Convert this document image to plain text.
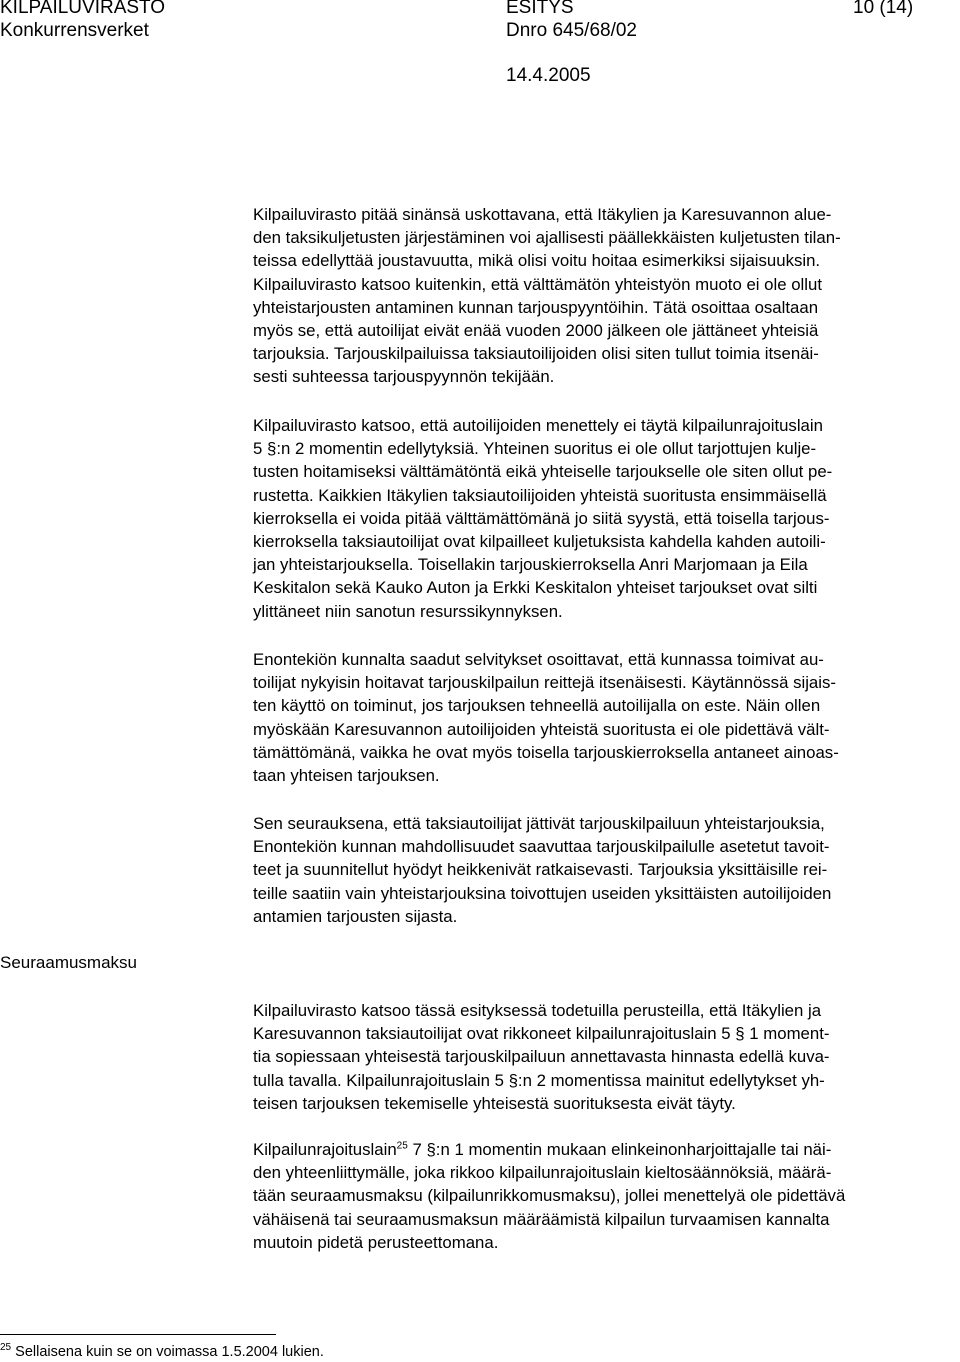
KILPAILUVIRASTO
Konkurrensverket
ESITYS
Dnro 645/68/02
14.4.2005
10 (14)
Kilpailuvirasto pitää sinänsä uskottavana, että Itäkylien ja Karesuvannon alue-
den taksikuljetusten järjestäminen voi ajallisesti päällekkäisten kuljetusten tilan-
teissa edellyttää joustavuutta, mikä olisi voitu hoitaa esimerkiksi sijaisuuksin.
Kilpailuvirasto katsoo kuitenkin, että välttämätön yhteistyön muoto ei ole ollut
yhteistarjousten antaminen kunnan tarjouspyyntöihin. Tätä osoittaa osaltaan
myös se, että autoilijat eivät enää vuoden 2000 jälkeen ole jättäneet yhteisiä
tarjouksia. Tarjouskilpailuissa taksiautoilijoiden olisi siten tullut toimia itsenäi-
sesti suhteessa tarjouspyynnön tekijään.
Kilpailuvirasto katsoo, että autoilijoiden menettely ei täytä kilpailunrajoituslain
5 §:n 2 momentin edellytyksiä. Yhteinen suoritus ei ole ollut tarjottujen kulje-
tusten hoitamiseksi välttämätöntä eikä yhteiselle tarjoukselle ole siten ollut pe-
rustetta. Kaikkien Itäkylien taksiautoilijoiden yhteistä suoritusta ensimmäisellä
kierroksella ei voida pitää välttämättömänä jo siitä syystä, että toisella tarjous-
kierroksella taksiautoilijat ovat kilpailleet kuljetuksista kahdella kahden autoili-
jan yhteistarjouksella. Toisellakin tarjouskierroksella Anri Marjomaan ja Eila
Keskitalon sekä Kauko Auton ja Erkki Keskitalon yhteiset tarjoukset ovat silti
ylittäneet niin sanotun resurssikynnyksen.
Enontekiön kunnalta saadut selvitykset osoittavat, että kunnassa toimivat au-
toilijat nykyisin hoitavat tarjouskilpailun reittejä itsenäisesti. Käytännössä sijais-
ten käyttö on toiminut, jos tarjouksen tehneellä autoilijalla on este. Näin ollen
myöskään Karesuvannon autoilijoiden yhteistä suoritusta ei ole pidettävä vält-
tämättömänä, vaikka he ovat myös toisella tarjouskierroksella antaneet ainoas-
taan yhteisen tarjouksen.
Sen seurauksena, että taksiautoilijat jättivät tarjouskilpailuun yhteistarjouksia,
Enontekiön kunnan mahdollisuudet saavuttaa tarjouskilpailulle asetetut tavoit-
teet ja suunnitellut hyödyt heikkenivät ratkaisevasti. Tarjouksia yksittäisille rei-
teille saatiin vain yhteistarjouksina toivottujen useiden yksittäisten autoilijoiden
antamien tarjousten sijasta.
Seuraamusmaksu
Kilpailuvirasto katsoo tässä esityksessä todetuilla perusteilla, että Itäkylien ja
Karesuvannon taksiautoilijat ovat rikkoneet kilpailunrajoituslain 5 § 1 moment-
tia sopiessaan yhteisestä tarjouskilpailuun annettavasta hinnasta edellä kuva-
tulla tavalla. Kilpailunrajoituslain 5 §:n 2 momentissa mainitut edellytykset yh-
teisen tarjouksen tekemiselle yhteisestä suorituksesta eivät täyty.
Kilpailunrajoituslain$^{25}$ 7 §:n 1 momentin mukaan elinkeinonharjoittajalle tai näi-
den yhteenliittymälle, joka rikkoo kilpailunrajoituslain kieltosäännöksiä, määrä-
tään seuraamusmaksu (kilpailunrikkomusmaksu), jollei menettelyä ole pidettävä
vähäisenä tai seuraamusmaksun määräämistä kilpailun turvaamisen kannalta
muutoin pidetä perusteettomana.
$^{25}$ Sellaisena kuin se on voimassa 1.5.2004 lukien.
